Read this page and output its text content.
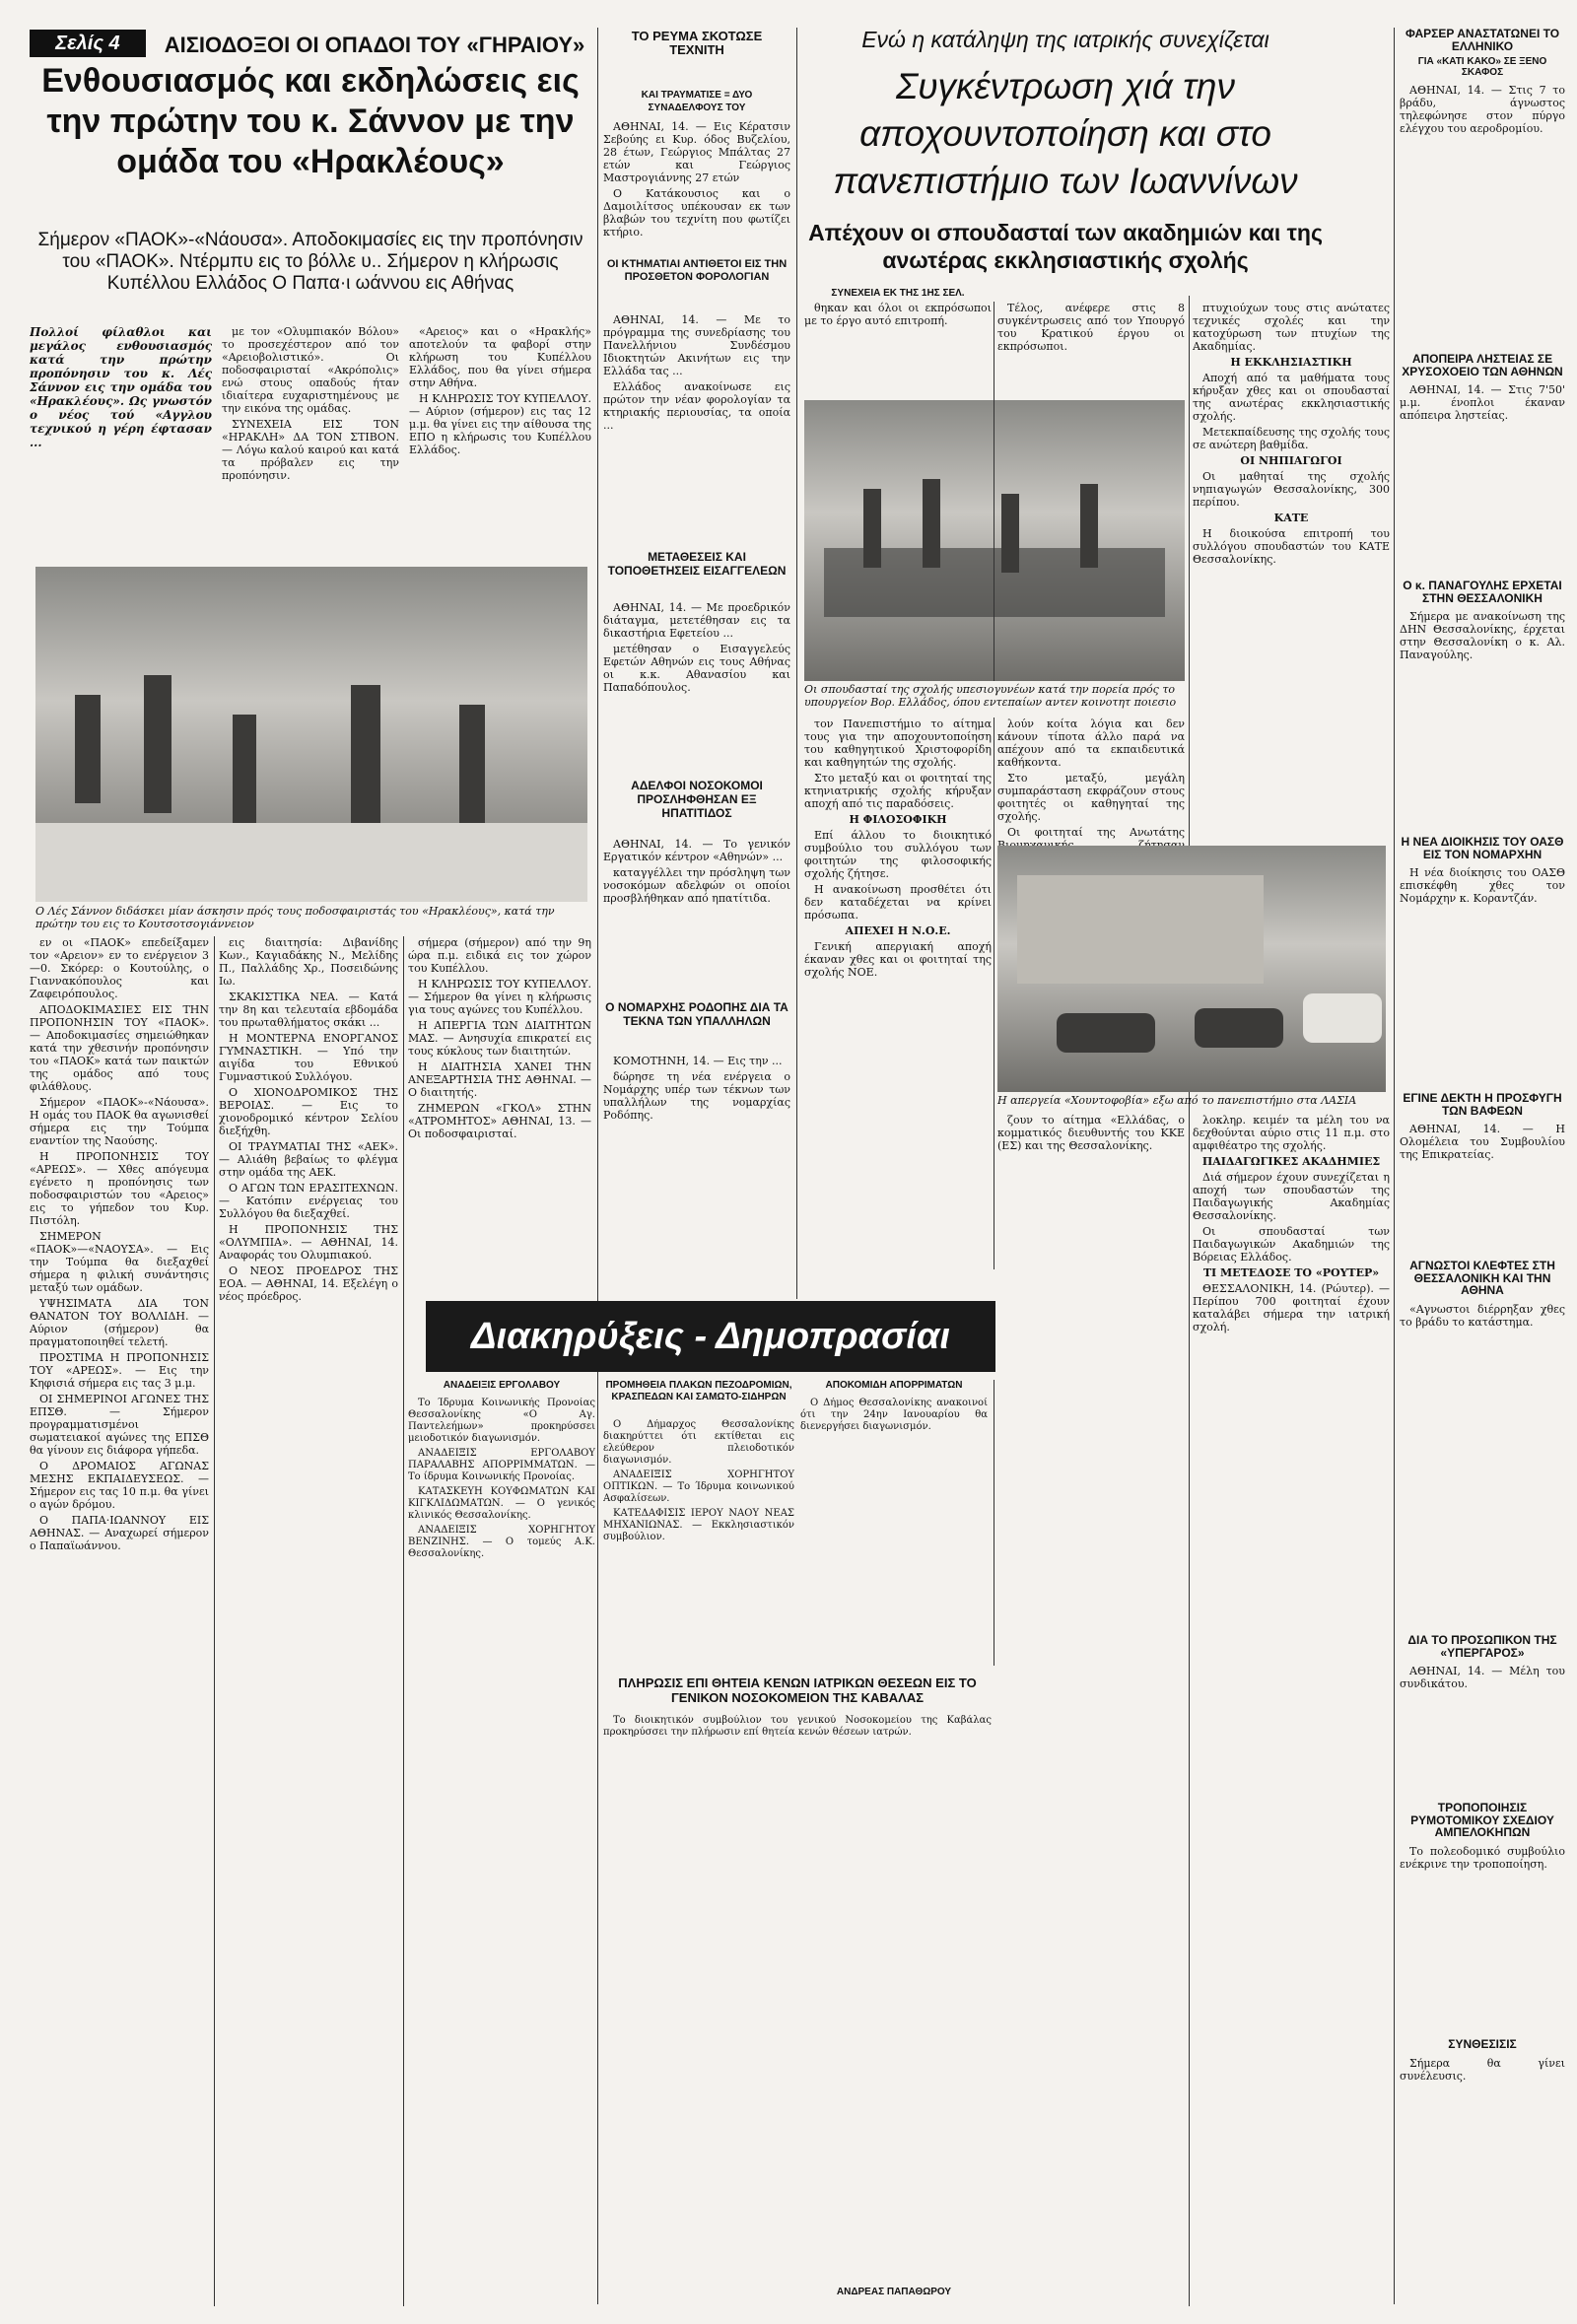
Σελίς 4	ΑΙΣΙΟΔΟΞΟΙ ΟΙ ΟΠΑΔΟΙ ΤΟΥ «ΓΗΡΑΙΟΥ»
Ενθουσιασμός και εκδηλώσεις εις την πρώτην του κ. Σάννον με την ομάδα του «Ηρακλέους»
Σήμερον «ΠΑΟΚ»-«Νάουσα». Αποδοκιμασίες εις την προπόνησιν του «ΠΑΟΚ». Ντέρμπυ εις το βόλλε υ.. Σήμερον η κλήρωσις Κυπέλλου Ελλάδος Ο Παπα·ι ωάννου εις Αθήνας
Πολλοί φίλαθλοι και μεγάλος ενθουσιασμός κατά την πρώτην προπόνησιν του κ. Λές Σάννον εις την ομάδα του «Ηρακλέους». Ως γνωστόν ο νέος τού «Αγγλου τεχνικού η γέρη έφτασαν ...

με τον «Ολυμπιακόν Βόλου» το προσεχέστερον από τον «Αρειοβολιστικό». Οι ποδοσφαιρισταί «Ακρόπολις» ενώ στους οπαδούς ήταν ιδιαίτερα ευχαριστημένους με την εικόνα της ομάδας.

ΣΥΝΕΧΕΙΑ ΕΙΣ ΤΟΝ «ΗΡΑΚΛΗ» ΔΑ ΤΟΝ ΣΤΙΒΟΝ. — Λόγω καλού καιρού και κατά τα πρόβαλεν εις την προπόνησιν.

«Αρειος» και ο «Ηρακλής» αποτελούν τα φαβορί στην κλήρωση του Κυπέλλου Ελλάδος, που θα γίνει σήμερα στην Αθήνα.

Η ΚΛΗΡΩΣΙΣ ΤΟΥ ΚΥΠΕΛΛΟΥ. — Αύριον (σήμερον) εις τας 12 μ.μ. θα γίνει εις την αίθουσα της ΕΠΟ η κλήρωσις του Κυπέλλου Ελλάδος.

Ο Λές Σάννον διδάσκει μίαν άσκησιν πρός τους ποδοσφαιριστάς του «Ηρακλέους», κατά την πρώτην του εις το Κουτσοτσογιάννειον

εν οι «ΠΑΟΚ» επεδείξαμεν τον «Αρειον» εν το ενέργειον 3—0. Σκόρερ: ο Κουτούλης, ο Γιαννακόπουλος και Ζαφειρόπουλος.

ΑΠΟΔΟΚΙΜΑΣΙΕΣ ΕΙΣ ΤΗΝ ΠΡΟΠΟΝΗΣΙΝ ΤΟΥ «ΠΑΟΚ». — Αποδοκιμασίες σημειώθηκαν κατά την χθεσινήν προπόνησιν του «ΠΑΟΚ» κατά των παικτών της ομάδος από τους φιλάθλους.

Σήμερον «ΠΑΟΚ»-«Νάουσα». Η ομάς του ΠΑΟΚ θα αγωνισθεί σήμερα εις την Τούμπα εναντίον της Ναούσης.

Η ΠΡΟΠΟΝΗΣΙΣ ΤΟΥ «ΑΡΕΩΣ». — Χθες απόγευμα εγένετο η προπόνησις των ποδοσφαιριστών του «Αρειος» εις το γήπεδον του Κυρ. Πιστόλη.

ΣΗΜΕΡΟΝ «ΠΑΟΚ»—«ΝΑΟΥΣΑ». — Εις την Τούμπα θα διεξαχθεί σήμερα η φιλική συνάντησις μεταξύ των ομάδων.

ΥΨΗΣΙΜΑΤΑ ΔΙΑ ΤΟΝ ΘΑΝΑΤΟΝ ΤΟΥ ΒΟΛΛΙΔΗ. — Αύριον (σήμερον) θα πραγματοποιηθεί τελετή.

ΠΡΟΣΤΙΜΑ Η ΠΡΟΠΟΝΗΣΙΣ ΤΟΥ «ΑΡΕΩΣ». — Εις την Κηφισιά σήμερα εις τας 3 μ.μ.

ΟΙ ΣΗΜΕΡΙΝΟΙ ΑΓΩΝΕΣ ΤΗΣ ΕΠΣΘ. — Σήμερον προγραμματισμένοι σωματειακοί αγώνες της ΕΠΣΘ θα γίνουν εις διάφορα γήπεδα.

Ο ΔΡΟΜΑΙΟΣ ΑΓΩΝΑΣ ΜΕΣΗΣ ΕΚΠΑΙΔΕΥΣΕΩΣ. — Σήμερον εις τας 10 π.μ. θα γίνει ο αγών δρόμου.

Ο ΠΑΠΑ·ΙΩΑΝΝΟΥ ΕΙΣ ΑΘΗΝΑΣ. — Αναχωρεί σήμερον ο Παπαϊωάννου.

εις διαιτησία: Διβανίδης Κων., Καγιαδάκης Ν., Μελίδης Π., Παλλάδης Χρ., Ποσειδώνης Ιω.

ΣΚΑΚΙΣΤΙΚΑ ΝΕΑ. — Κατά την 8η και τελευταία εβδομάδα του πρωταθλήματος σκάκι ...

Η ΜΟΝΤΕΡΝΑ ΕΝΟΡΓΑΝΟΣ ΓΥΜΝΑΣΤΙΚΗ. — Υπό την αιγίδα του Εθνικού Γυμναστικού Συλλόγου.

Ο ΧΙΟΝΟΔΡΟΜΙΚΟΣ ΤΗΣ ΒΕΡΟΙΑΣ. — Εις το χιονοδρομικό κέντρον Σελίου διεξήχθη.

ΟΙ ΤΡΑΥΜΑΤΙΑΙ ΤΗΣ «ΑΕΚ». — Αλιάθη βεβαίως το φλέγμα στην ομάδα της ΑΕΚ.

Ο ΑΓΩΝ ΤΩΝ ΕΡΑΣΙΤΕΧΝΩΝ. — Κατόπιν ενέργειας του Συλλόγου θα διεξαχθεί.

Η ΠΡΟΠΟΝΗΣΙΣ ΤΗΣ «ΟΛΥΜΠΙΑ». — ΑΘΗΝΑΙ, 14. Αναφοράς του Ολυμπιακού.

Ο ΝΕΟΣ ΠΡΟΕΔΡΟΣ ΤΗΣ ΕΟΑ. — ΑΘΗΝΑΙ, 14. Εξελέγη ο νέος πρόεδρος.

σήμερα (σήμερον) από την 9η ώρα π.μ. ειδικά εις τον χώρον του Κυπέλλου.

Η ΚΛΗΡΩΣΙΣ ΤΟΥ ΚΥΠΕΛΛΟΥ. — Σήμερον θα γίνει η κλήρωσις για τους αγώνες του Κυπέλλου.

Η ΑΠΕΡΓΙΑ ΤΩΝ ΔΙΑΙΤΗΤΩΝ ΜΑΣ. — Ανησυχία επικρατεί εις τους κύκλους των διαιτητών.

Η ΔΙΑΙΤΗΣΙΑ ΧΑΝΕΙ ΤΗΝ ΑΝΕΞΑΡΤΗΣΙΑ ΤΗΣ ΑΘΗΝΑΙ. — Ο διαιτητής.

ΖΗΜΕΡΩΝ «ΓΚΟΛ» ΣΤΗΝ «ΑΤΡΟΜΗΤΟΣ» ΑΘΗΝΑΙ, 13. — Οι ποδοσφαιρισταί.

ΤΟ ΡΕΥΜΑ ΣΚΟΤΩΣΕ ΤΕΧΝΙΤΗ
ΚΑΙ ΤΡΑΥΜΑΤΙΣΕ = ΔΥΟ ΣΥΝΑΔΕΛΦΟΥΣ ΤΟΥ

ΑΘΗΝΑΙ, 14. — Εις Κέρατσιν Σεβούης ει Κυρ. όδος Βυζελίου, 28 έτων, Γεώργιος Μπάλτας 27 ετών και Γεώργιος Μαστρογιάννης 27 ετών

Ο Κατάκουσιος και ο Δαμοιλίτσος υπέκουσαν εκ των βλαβών του τεχνίτη που φωτίζει κτήριο.

ΟΙ ΚΤΗΜΑΤΙΑΙ ΑΝΤΙΘΕΤΟΙ ΕΙΣ ΤΗΝ ΠΡΟΣΘΕΤΟΝ ΦΟΡΟΛΟΓΙΑΝ

ΑΘΗΝΑΙ, 14. — Με το πρόγραμμα της συνεδρίασης του Πανελλήνιου Συνδέσμου Ιδιοκτητών Ακινήτων εις την Ελλάδα τας ...

Ελλάδος ανακοίνωσε εις πρώτον την νέαν φορολογίαν τα κτηριακής περιουσίας, τα οποία ...

ΜΕΤΑΘΕΣΕΙΣ ΚΑΙ ΤΟΠΟΘΕΤΗΣΕΙΣ ΕΙΣΑΓΓΕΛΕΩΝ

ΑΘΗΝΑΙ, 14. — Με προεδρικόν διάταγμα, μετετέθησαν εις τα δικαστήρια Εφετείου ...

μετέθησαν ο Εισαγγελεύς Εφετών Αθηνών εις τους Αθήνας οι κ.κ. Αθανασίου και Παπαδόπουλος.

ΑΔΕΛΦΟΙ ΝΟΣΟΚΟΜΟΙ ΠΡΟΣΛΗΦΘΗΣΑΝ ΕΞ ΗΠΑΤΙΤΙΔΟΣ

ΑΘΗΝΑΙ, 14. — Το γενικόν Εργατικόν κέντρον «Αθηνών» ...

καταγγέλλει την πρόσληψη των νοσοκόμων αδελφών οι οποίοι προσβλήθηκαν από ηπατίτιδα.

Ο ΝΟΜΑΡΧΗΣ ΡΟΔΟΠΗΣ ΔΙΑ ΤΑ ΤΕΚΝΑ ΤΩΝ ΥΠΑΛΛΗΛΩΝ

ΚΟΜΟΤΗΝΗ, 14. — Εις την ...

δώρησε τη νέα ενέργεια ο Νομάρχης υπέρ των τέκνων των υπαλλήλων της νομαρχίας Ροδόπης.

Ενώ η κατάληψη της ιατρικής συνεχίζεται
Συγκέντρωση χιά την αποχουντοποίηση και στο πανεπιστήμιο των Ιωαννίνων
Απέχουν οι σπουδασταί των ακαδημιών και της ανωτέρας εκκλησιαστικής σχολής
ΣΥΝΕΧΕΙΑ ΕΚ ΤΗΣ 1ΗΣ ΣΕΛ.

θηκαν και όλοι οι εκπρόσωποι με το έργο αυτό επιτροπή.

Τέλος, ανέφερε στις 8 συγκέντρωσεις από τον Υπουργό του Κρατικού έργου οι εκπρόσωποι.

Οι σπουδασταί της σχολής υπεσιογυνέων κατά την πορεία πρός το υπουργείον Βορ. Ελλάδος, όπου εντεπαίων αντεν κοινοτητ ποιεσιο

τον Πανεπιστήμιο το αίτημα τους για την αποχουντοποίηση του καθηγητικού Χριστοφορίδη και καθηγητών της σχολής.

Στο μεταξύ και οι φοιτηταί της κτηνιατρικής σχολής κήρυξαν αποχή από τις παραδόσεις.

Η ΦΙΛΟΣΟΦΙΚΗ

Επί άλλου το διοικητικό συμβούλιο του συλλόγου των φοιτητών της φιλοσοφικής σχολής ζήτησε.

Η ανακοίνωση προσθέτει ότι δεν καταδέχεται να κρίνει πρόσωπα.

ΑΠΕΧΕΙ Η Ν.Ο.Ε.

Γενική απεργιακή αποχή έκαναν χθες και οι φοιτηταί της σχολής ΝΟΕ.

λούν κοίτα λόγια και δεν κάνουν τίποτα άλλο παρά να απέχουν από τα εκπαιδευτικά καθήκοντα.

Στο μεταξύ, μεγάλη συμπαράσταση εκφράζουν στους φοιτητές οι καθηγηταί της σχολής.

Οι φοιτηταί της Ανωτάτης

πτυχιούχων τους στις ανώτατες τεχνικές σχολές και την κατοχύρωση των πτυχίων της Ακαδημίας.

Η ΕΚΚΛΗΣΙΑΣΤΙΚΗ

Αποχή από τα μαθήματα τους κήρυξαν χθες και οι σπουδασταί της ανωτέρας εκκλησιαστικής σχολής.

Μετεκπαίδευσης της σχολής τους σε ανώτερη βαθμίδα.

ΟΙ ΝΗΠΙΑΓΩΓΟΙ

Οι μαθηταί της σχολής νηπιαγωγών Θεσσαλονίκης, 300 περίπου.

ΚΑΤΕ

Η διοικούσα επιτροπή του συλλόγου σπουδαστών του ΚΑΤΕ Θεσσαλονίκης.

Η απεργεία «Χουντοφοβία» εξω από το πανεπιστήμιο στα ΛΑΣΙΑ

λοκληρ. κειμέν τα μέλη του να δεχθούνται αύριο στις 11 π.μ. στο αμφιθέατρο της σχολής.

ΠΑΙΔΑΓΩΓΙΚΕΣ ΑΚΑΔΗΜΙΕΣ

Διά σήμερον έχουν συνεχίζεται η αποχή των σπουδαστών της Παιδαγωγικής Ακαδημίας Θεσσαλονίκης.

Οι σπουδασταί των Παιδαγωγικών Ακαδημιών της Βόρειας Ελλάδος.

ΤΙ ΜΕΤΕΔΟΣΕ ΤΟ «ΡΟΥΤΕΡ»

ΘΕΣΣΑΛΟΝΙΚΗ, 14. (Ρώυτερ). — Περίπου 700 φοιτηταί έχουν καταλάβει σήμερα την ιατρική σχολή.

ζουν το αίτημα «Ελλάδας, ο κομματικός διευθυντής του ΚΚΕ (ΕΣ) και της Θεσσαλονίκης.

Διακηρύξεις - Δημοπρασίαι
ΑΝΑΔΕΙΞΙΣ ΕΡΓΟΛΑΒΟΥ

Το Ίδρυμα Κοινωνικής Προνοίας Θεσσαλονίκης «Ο Αγ. Παντελεήμων» προκηρύσσει μειοδοτικόν διαγωνισμόν.

ΑΝΑΔΕΙΞΙΣ ΕΡΓΟΛΑΒΟΥ ΠΑΡΑΛΑΒΗΣ ΑΠΟΡΡΙΜΜΑΤΩΝ. — Το ίδρυμα Κοινωνικής Προνοίας.

ΚΑΤΑΣΚΕΥΗ ΚΟΥΦΩΜΑΤΩΝ ΚΑΙ ΚΙΓΚΛΙΔΩΜΑΤΩΝ. — Ο γενικός κλινικός Θεσσαλονίκης.

ΑΝΑΔΕΙΞΙΣ ΧΟΡΗΓΗΤΟΥ ΒΕΝΖΙΝΗΣ. — Ο τομεύς Α.Κ. Θεσσαλονίκης.

ΠΡΟΜΗΘΕΙΑ ΠΛΑΚΩΝ ΠΕΖΟΔΡΟΜΙΩΝ, ΚΡΑΣΠΕΔΩΝ ΚΑΙ ΣΑΜΩΤΟ-ΣΙΔΗΡΩΝ

Ο Δήμαρχος Θεσσαλονίκης διακηρύττει ότι εκτίθεται εις ελεύθερον πλειοδοτικόν διαγωνισμόν.

ΑΝΑΔΕΙΞΙΣ ΧΟΡΗΓΗΤΟΥ ΟΠΤΙΚΩΝ. — Το Ίδρυμα κοινωνικού Ασφαλίσεων.

ΚΑΤΕΔΑΦΙΣΙΣ ΙΕΡΟΥ ΝΑΟΥ ΝΕΑΣ ΜΗΧΑΝΙΩΝΑΣ. — Εκκλησιαστικόν συμβούλιον.

ΑΠΟΚΟΜΙΔΗ ΑΠΟΡΡΙΜΑΤΩΝ

Ο Δήμος Θεσσαλονίκης ανακοινοί ότι την 24ην Ιανουαρίου θα διενεργήσει διαγωνισμόν.

ΠΛΗΡΩΣΙΣ ΕΠΙ ΘΗΤΕΙΑ ΚΕΝΩΝ ΙΑΤΡΙΚΩΝ ΘΕΣΕΩΝ ΕΙΣ ΤΟ ΓΕΝΙΚΟΝ ΝΟΣΟΚΟΜΕΙΟΝ ΤΗΣ ΚΑΒΑΛΑΣ

Το διοικητικόν συμβούλιον του γενικού Νοσοκομείου της Καβάλας προκηρύσσει την πλήρωσιν επί θητεία κενών θέσεων ιατρών.

ΑΝΔΡΕΑΣ ΠΑΠΑΘΩΡΟΥ
ΦΑΡΣΕΡ ΑΝΑΣΤΑΤΩΝΕΙ ΤΟ ΕΛΛΗΝΙΚΟ
ΓΙΑ «ΚΑΤΙ ΚΑΚΟ» ΣΕ ΞΕΝΟ ΣΚΑΦΟΣ

ΑΘΗΝΑΙ, 14. — Στις 7 το βράδυ, άγνωστος τηλεφώνησε στον πύργο ελέγχου του αεροδρομίου.

ΑΠΟΠΕΙΡΑ ΛΗΣΤΕΙΑΣ ΣΕ ΧΡΥΣΟΧΟΕΙΟ ΤΩΝ ΑΘΗΝΩΝ

ΑΘΗΝΑΙ, 14. — Στις 7'50' μ.μ. ένοπλοι έκαναν απόπειρα ληστείας.

Ο κ. ΠΑΝΑΓΟΥΛΗΣ ΕΡΧΕΤΑΙ ΣΤΗΝ ΘΕΣΣΑΛΟΝΙΚΗ

Σήμερα με ανακοίνωση της ΔΗΝ Θεσσαλονίκης, έρχεται στην Θεσσαλονίκη ο κ. Αλ. Παναγούλης.

Η ΝΕΑ ΔΙΟΙΚΗΣΙΣ ΤΟΥ ΟΑΣΘ ΕΙΣ ΤΟΝ ΝΟΜΑΡΧΗΝ

Η νέα διοίκησις του ΟΑΣΘ επισκέφθη χθες τον Νομάρχην κ. Κοραντζάν.

ΕΓΙΝΕ ΔΕΚΤΗ Η ΠΡΟΣΦΥΓΗ ΤΩΝ ΒΑΦΕΩΝ

ΑΘΗΝΑΙ, 14. — Η Ολομέλεια του Συμβουλίου της Επικρατείας.

ΑΓΝΩΣΤΟΙ ΚΛΕΦΤΕΣ ΣΤΗ ΘΕΣΣΑΛΟΝΙΚΗ ΚΑΙ ΤΗΝ ΑΘΗΝΑ

«Αγνωστοι διέρρηξαν χθες το βράδυ το κατάστημα.

ΔΙΑ ΤΟ ΠΡΟΣΩΠΙΚΟΝ ΤΗΣ «ΥΠΕΡΓΑΡΟΣ»

ΑΘΗΝΑΙ, 14. — Μέλη του συνδικάτου.

ΤΡΟΠΟΠΟΙΗΣΙΣ ΡΥΜΟΤΟΜΙΚΟΥ ΣΧΕΔΙΟΥ ΑΜΠΕΛΟΚΗΠΩΝ

Το πολεοδομικό συμβούλιο ενέκρινε την τροποποίηση.

ΣΥΝΘΕΣΙΣΙΣ

Σήμερα θα γίνει συνέλευσις.
